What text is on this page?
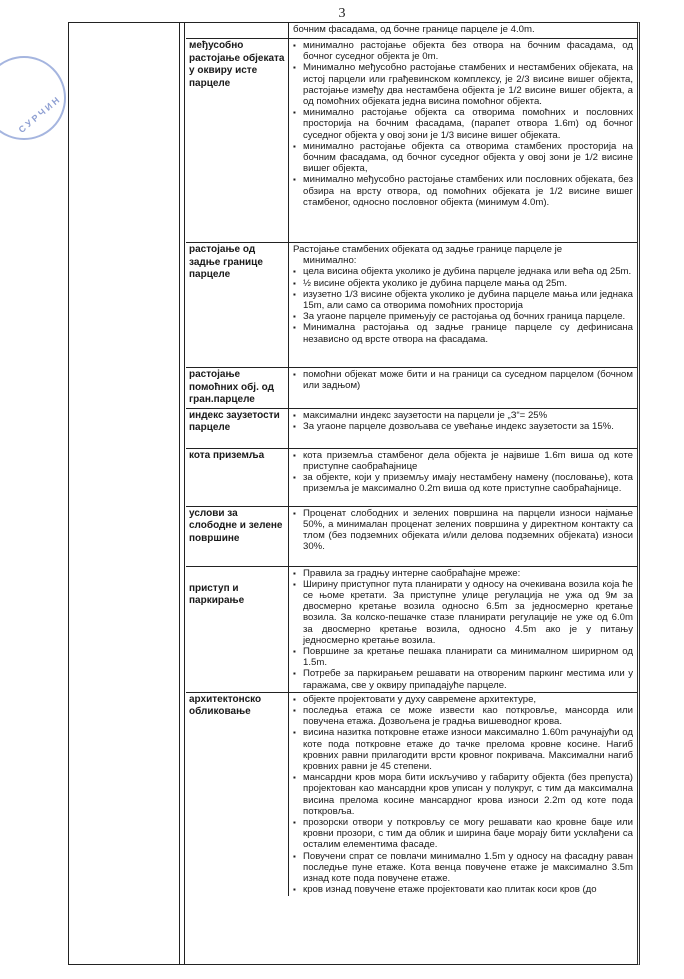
3
С У Р Ч И Н

бочним фасадама, од бочне границе парцеле је 4.0m.

међусобно растојање објеката у оквиру исте парцеле
▪ минимално растојање објекта без отвора на бочним фасадама, од бочног суседног објекта је 0m.
▪ Минимално међусобно растојање стамбених и нестамбених објеката, на истој парцели или грађевинском комплексу, је 2/3 висине вишег објекта, растојање између два нестамбена објекта је 1/2 висине вишег објекта, а од помоћних објеката једна висина помоћног објекта.
▪ минимално растојање објекта са отворима помоћних и пословних просторија на бочним фасадама, (парапет отвора 1.6m) од бочног суседног објекта у овој зони је 1/3 висине вишег објеката.
▪ минимално растојање објекта са отворима стамбених просторија на бочним фасадама, од бочног суседног објекта у овој зони је 1/2 висине вишег објекта,
▪ минимално међусобно растојање стамбених или пословних објеката, без обзира на врсту отвора, од помоћних објеката је 1/2 висине вишег стамбеног, односно пословног објекта (минимум 4.0m).
растојање од задње границе парцеле

Растојање стамбених објеката од задње границе парцеле је

минимално:

▪ цела висина објекта уколико је дубина парцеле једнака или већа од 25m.
▪ ½ висине објекта уколико је дубина парцеле мања од 25m.
▪ изузетно 1/3 висине објекта уколико је дубина парцеле мања или једнака 15m, али само са отворима помоћних просторија
▪ За угаоне парцеле примењују се растојања од бочних граница парцеле.
▪ Минимална растојања од задње границе парцеле су дефинисана независно од врсте отвора на фасадама.
растојање помоћних обј. од гран.парцеле
▪ помоћни објекат може бити и на граници са суседном парцелом (бочном или задњом)
индекс заузетости парцеле
▪ максимални индекс заузетости на парцели је „З“= 25%
▪ За угаоне парцеле дозвољава се увећање индекс заузетости за 15%.
кота приземља	▪ кота приземља стамбеног дела објекта је највише 1.6m виша од коте приступне саобраћајнице
▪ за објекте, који у приземљу имају нестамбену намену (пословање), кота приземља је максимално 0.2m виша од коте приступне саобраћајнице.
услови за слободне и зелене површине
▪ Проценат слободних и зелених површина на парцели износи најмање 50%, а минималан проценат зелених површина у директном контакту са тлом (без подземних објеката и/или делова подземних објеката) износи 30%.
приступ и паркирање
▪ Правила за градњу интерне саобраћајне мреже:
▪ Ширину приступног пута планирати у односу на очекивана возила која ће се њоме кретати. За приступне улице регулација не ужа од 9м за двосмерно кретање возила односно 6.5m за једносмерно кретање возила. За колско-пешачке стазе планирати регулације не уже од 6.0m за двосмерно кретање возила, односно 4.5m ако је у питању једносмерно кретање возила.
▪ Површине за кретање пешака планирати са минималном ширирном од 1.5m.
▪ Потребе за паркирањем решавати на отвореним паркинг местима или у гаражама, све у оквиру припадајуће парцеле.
архитектонско обликовање
▪ објекте пројектовати у духу савремене архитектуре,
▪ последња етажа се може извести као поткровље, мансорда или повучена етажа. Дозвољена је градња вишеводног крова.
▪ висина назитка поткровне етаже износи максимално 1.60m рачунајући од коте пода поткровне етаже до тачке прелома кровне косине. Нагиб кровних равни прилагодити врсти кровног покривача. Максимални нагиб кровних равни је 45 степени.
▪ мансардни кров мора бити искључиво у габариту објекта (без препуста) пројектован као мансардни кров уписан у полукруг, с тим да максимална висина прелома косине мансардног крова износи 2.2m од коте пода поткровља.
▪ прозорски отвори у поткровљу се могу решавати као кровне баџе или кровни прозори, с тим да облик и ширина баџе морају бити усклађени са осталим елементима фасаде.
▪ Повучени спрат се повлачи минимално 1.5m у односу на фасадну раван последње пуне етаже. Кота венца повучене етаже је максимално 3.5m изнад коте пода повучене етаже.
▪ кров изнад повучене етаже пројектовати као плитак коси кров (до
